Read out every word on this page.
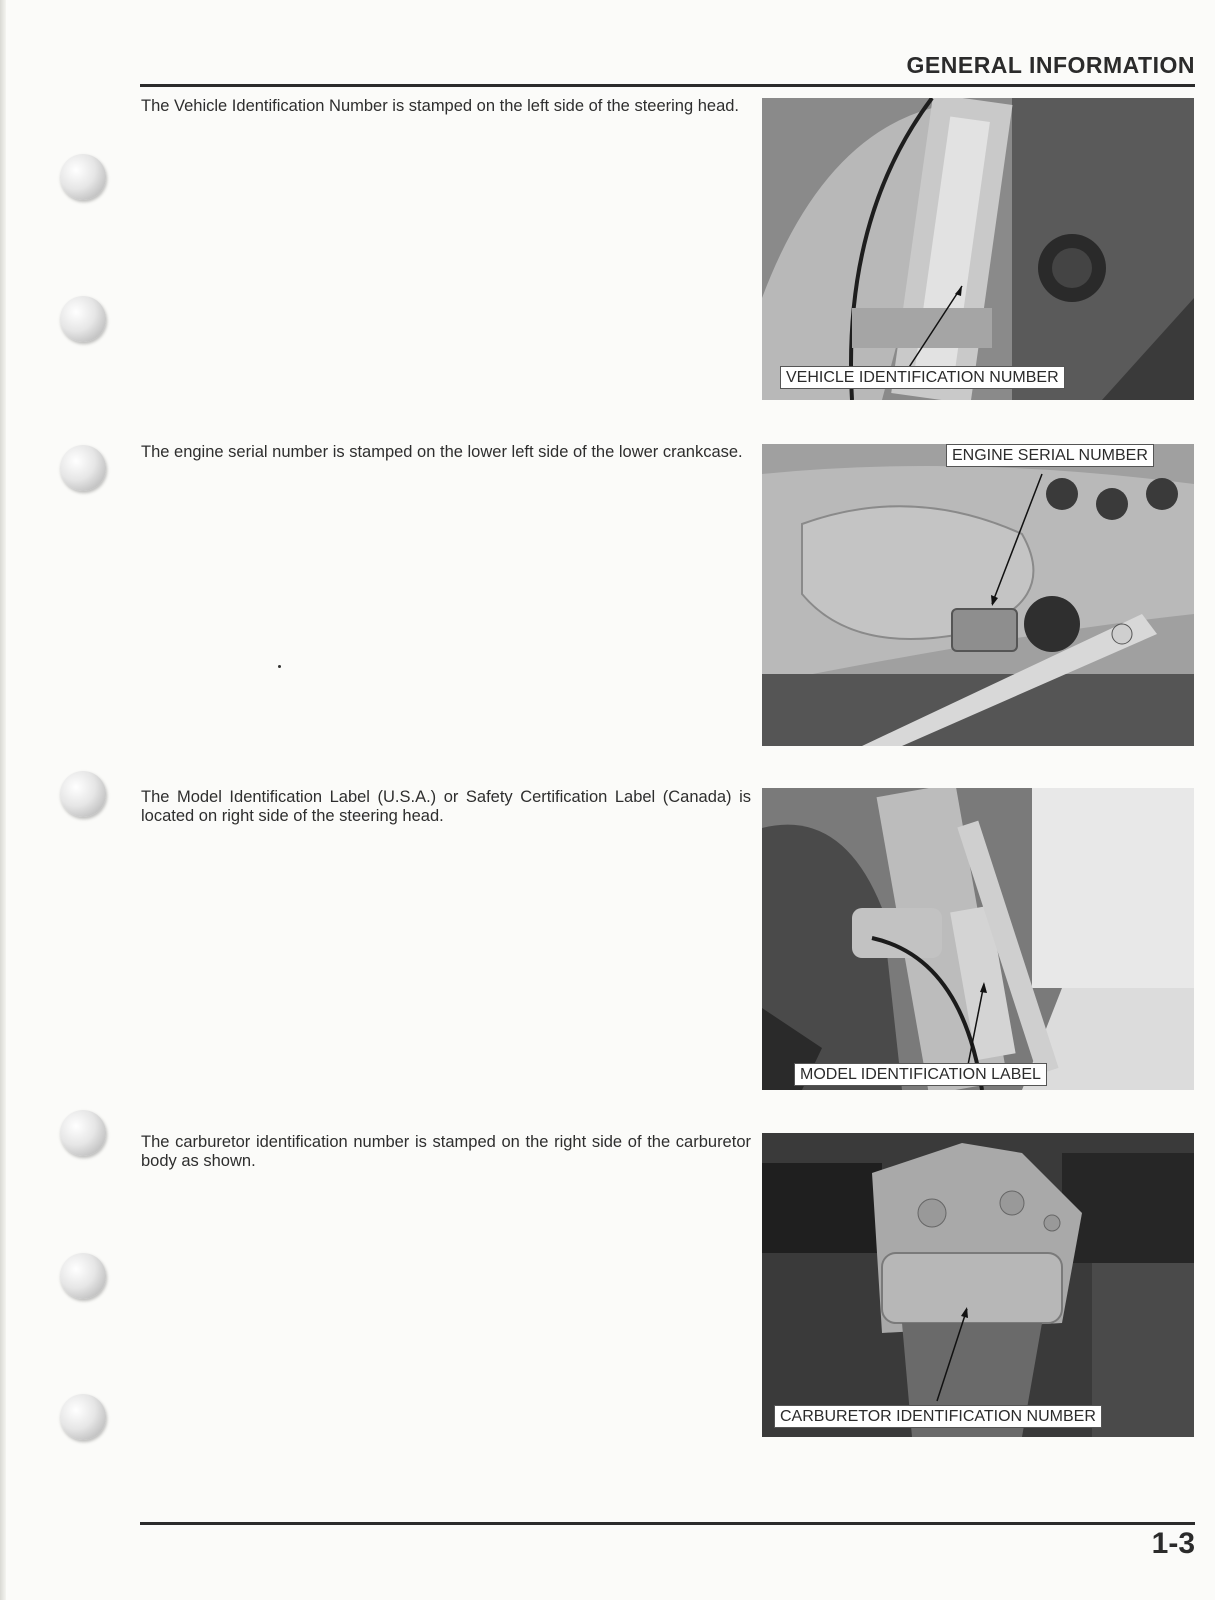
GENERAL INFORMATION
The Vehicle Identification Number is stamped on the left side of the steering head.
VEHICLE IDENTIFICATION NUMBER
The engine serial number is stamped on the lower left side of the lower crankcase.	ENGINE SERIAL NUMBER
The Model Identification Label (U.S.A.) or Safety Certification Label (Canada) is located on right side of the steering head.
MODEL IDENTIFICATION LABEL
The carburetor identification number is stamped on the right side of the carburetor body as shown.
CARBURETOR IDENTIFICATION NUMBER
1-3
